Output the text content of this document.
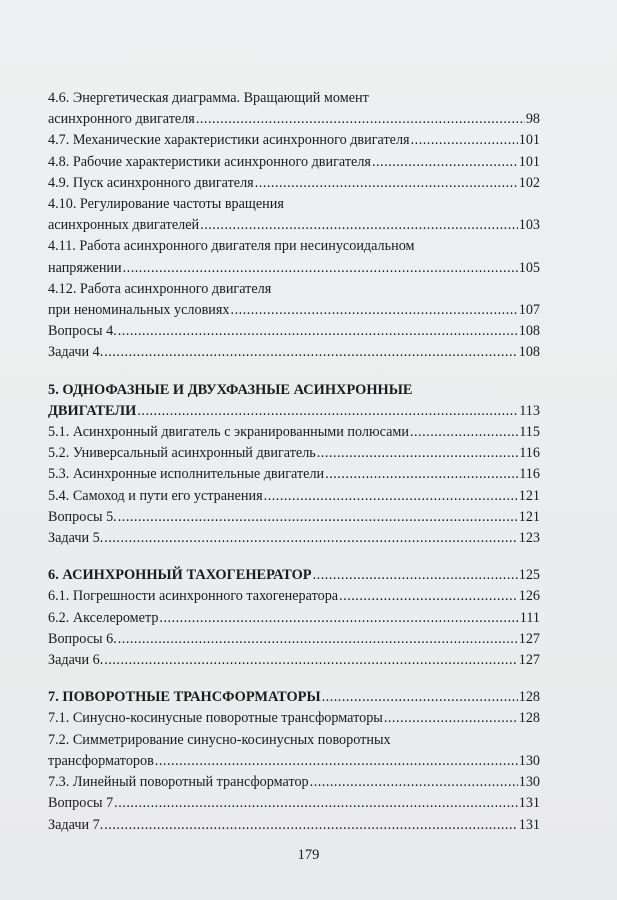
4.6. Энергетическая диаграмма. Вращающий момент
асинхронного двигателя .....	98
4.7. Механические характеристики асинхронного двигателя .....	101
4.8. Рабочие характеристики асинхронного двигателя .....	101
4.9. Пуск асинхронного двигателя .....	102
4.10. Регулирование частоты вращения
асинхронных двигателей .....	103
4.11. Работа асинхронного двигателя при несинусоидальном
напряжении .....	105
4.12. Работа асинхронного двигателя
при неноминальных условиях .....	107
Вопросы 4. .....	108
Задачи 4. .....	108
5. ОДНОФАЗНЫЕ И ДВУХФАЗНЫЕ АСИНХРОННЫЕ
ДВИГАТЕЛИ .....	113
5.1. Асинхронный двигатель с экранированными полюсами .....	115
5.2. Универсальный асинхронный двигатель .....	116
5.3. Асинхронные исполнительные двигатели .....	116
5.4. Самоход и пути его устранения .....	121
Вопросы 5. .....	121
Задачи 5. .....	123
6. АСИНХРОННЫЙ ТАХОГЕНЕРАТОР .....	125
6.1. Погрешности асинхронного тахогенератора .....	126
6.2. Акселерометр .....	111
Вопросы 6. .....	127
Задачи 6. .....	127
7. ПОВОРОТНЫЕ ТРАНСФОРМАТОРЫ .....	128
7.1. Синусно-косинусные поворотные трансформаторы .....	128
7.2. Симметрирование синусно-косинусных поворотных
трансформаторов .....	130
7.3. Линейный поворотный трансформатор .....	130
Вопросы 7 .....	131
Задачи 7. .....	131
179
